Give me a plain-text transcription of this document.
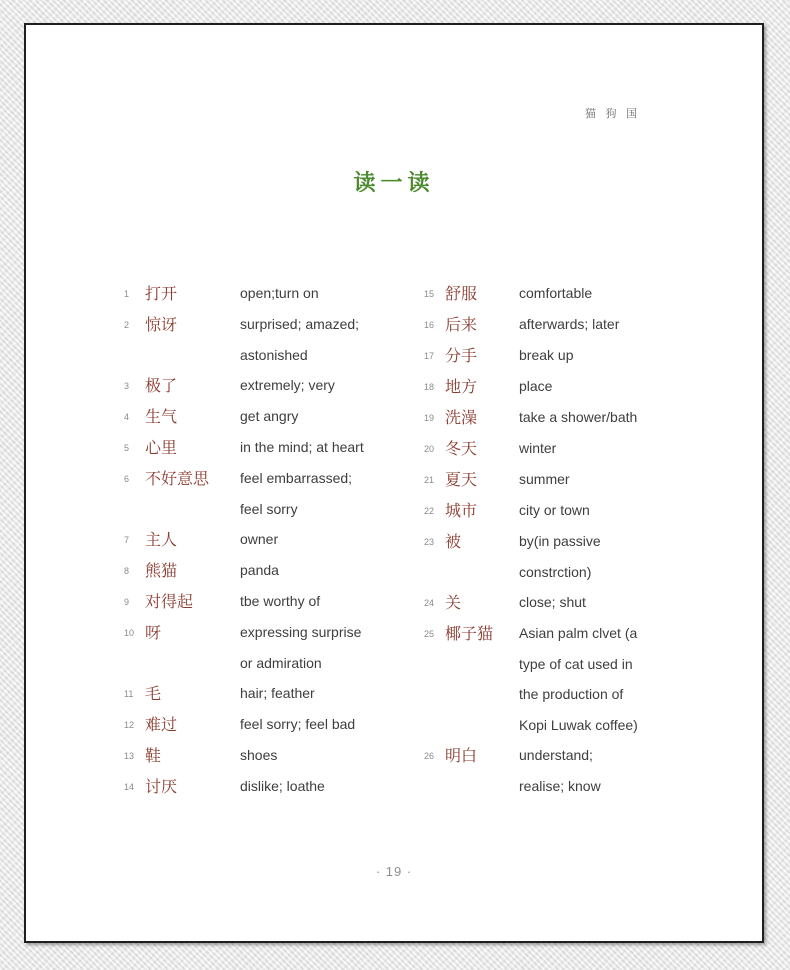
猫 狗 国
读一读
1 打开	open;turn on
2 惊讶	surprised; amazed;
astonished
3 极了	extremely; very
4 生气	get angry
5 心里	in the mind; at heart
6 不好意思	feel embarrassed;
feel sorry
7 主人	owner
8 熊猫	panda
9 对得起	tbe worthy of
10 呀	expressing surprise
or admiration
11 毛	hair; feather
12 难过	feel sorry; feel bad
13 鞋	shoes
14 讨厌	dislike; loathe
15 舒服	comfortable
16 后来	afterwards; later
17 分手	break up
18 地方	place
19 洗澡	take a shower/bath
20 冬天	winter
21 夏天	summer
22 城市	city or town
23 被	by(in passive
constrction)
24 关	close; shut
25 椰子猫	Asian palm clvet (a
type of cat used in
the production of
Kopi Luwak coffee)
26 明白	understand;
realise; know
· 19 ·
